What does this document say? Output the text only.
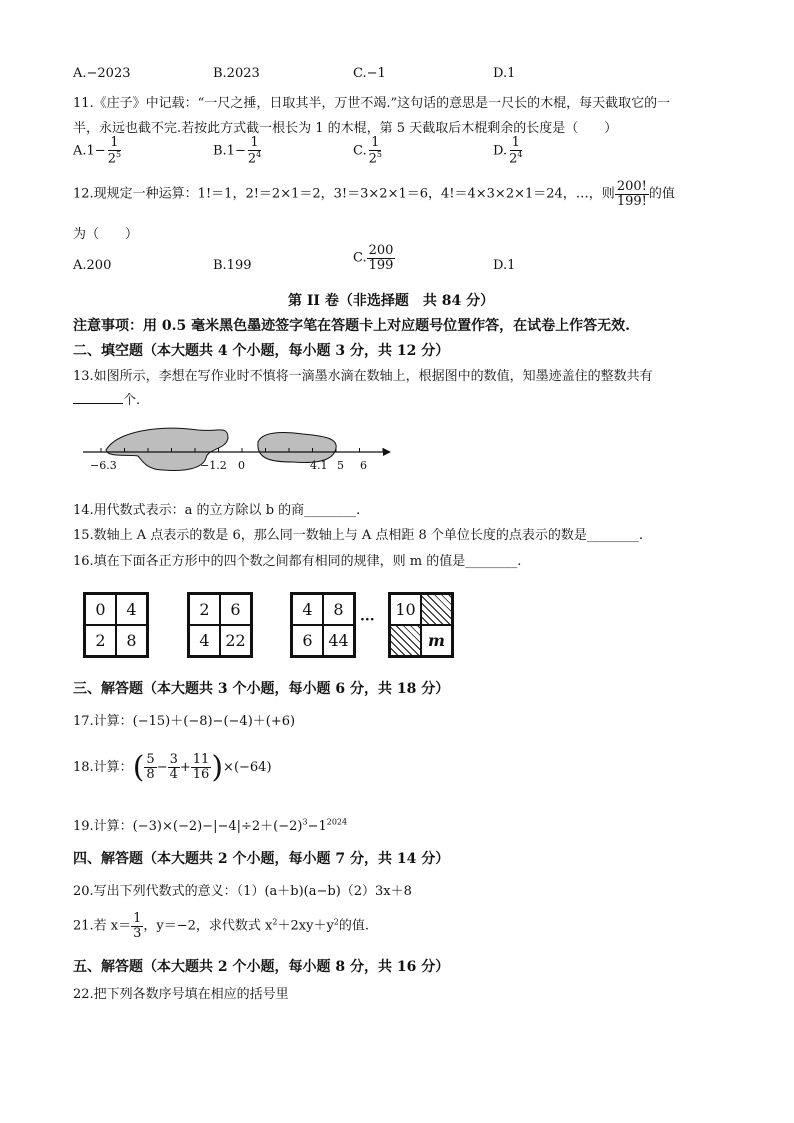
A.−2023	B.2023	C.−1	D.1
11.《庄子》中记载：“一尺之捶，日取其半，万世不竭.”这句话的意思是一尺长的木棍，每天截取它的一
半，永远也截不完.若按此方式截一根长为 1 的木棍，第 5 天截取后木棍剩余的长度是（　　）
$A.1- \frac{1}{2^5}$	$B.1- \frac{1}{2^4}$	C. $\frac{1}{2^5}$	D. $\frac{1}{2^4}$
12.现规定一种运算：1!＝1，2!＝2×1＝2，3!＝3×2×1＝6，4!＝4×3×2×1＝24，…，则 $\frac{200!}{199!}$ 的值
为（　　）
A.200	B.199	C. $\frac{200}{199}$	D.1
第 II 卷（非选择题　共 84 分）
注意事项：用 0.5 毫米黑色墨迹签字笔在答题卡上对应题号位置作答，在试卷上作答无效.
二、填空题（本大题共 4 个小题，每小题 3 分，共 12 分）
13.如图所示，李想在写作业时不慎将一滴墨水滴在数轴上，根据图中的数值，知墨迹盖住的整数共有
个.
−6.3	−1.2 0	4.1 5 6
14.用代数式表示：a 的立方除以 b 的商________.
15.数轴上 A 点表示的数是 6，那么同一数轴上与 A 点相距 8 个单位长度的点表示的数是________.
16.填在下面各正方形中的四个数之间都有相同的规律，则 m 的值是________.
0	4
2	8
2	6
4 22
4	8
6 44
···
10
m
三、解答题（本大题共 3 个小题，每小题 6 分，共 18 分）
17.计算：(−15)＋(−8)−(−4)＋(+6)
18.计算：( $\frac{5}{8} - \frac{3}{4} + \frac{11}{16} )\times(-64)$
19.计算：$(-3)\times(-2)-|-4|\div 2+(-2)^3-1^{2024}$
四、解答题（本大题共 2 个小题，每小题 7 分，共 14 分）
20.写出下列代数式的意义：（1）(a＋b)(a−b)（2）3x＋8
21.若 $x= \frac{1}{3}$ ，y＝−2，求代数式 $x^2+2xy+y^2$的值.
五、解答题（本大题共 2 个小题，每小题 8 分，共 16 分）
22.把下列各数序号填在相应的括号里
